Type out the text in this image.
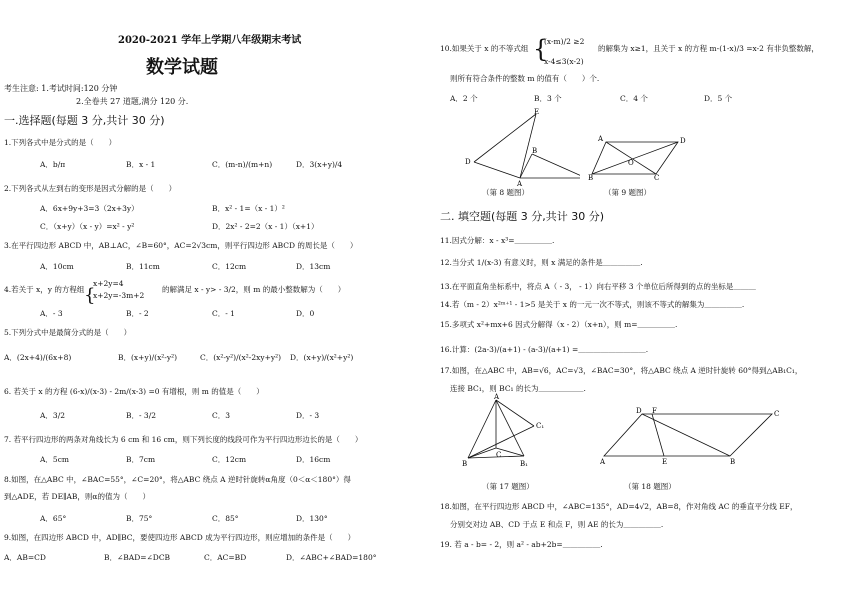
2020-2021 学年上学期八年级期末考试
数学试题
考生注意: 1.考试时间:120 分钟
2.全卷共 27 道题,满分 120 分.
一.选择题(每题 3 分,共计 30 分)
1.下列各式中是分式的是（　　）
A．b/π	B．x - 1	C．(m-n)/(m+n)	D．3(x+y)/4
2.下列各式从左到右的变形是因式分解的是（　　）
A．6x+9y+3=3（2x+3y）	B．x² - 1=（x - 1）²
C．（x+y）（x - y）=x² - y²	D．2x² - 2=2（x - 1）（x+1）
3.在平行四边形 ABCD 中，AB⊥AC，∠B=60°，AC=2√3cm，则平行四边形 ABCD 的周长是（　　）
A．10cm	B．11cm	C．12cm	D．13cm
4.若关于 x，y 的方程组 {
x+2y=4
x+2y=-3m+2
的解满足 x - y> - 3/2，则 m 的最小整数解为（　　）
A．- 3	B．- 2	C．- 1	D．0
5.下列分式中是最简分式的是（　　）
A．(2x+4)/(6x+8)	B．(x+y)/(x²-y²)	C．(x²-y²)/(x²-2xy+y²) D．(x+y)/(x²+y²)
6. 若关于 x 的方程 (6-x)/(x-3) - 2m/(x-3) =0 有增根，则 m 的值是（　　）
A．3/2	B．- 3/2	C．3	D．- 3
7. 若平行四边形的两条对角线长为 6 cm 和 16 cm，则下列长度的线段可作为平行四边形边长的是（　　）
A．5cm	B．7cm	C．12cm	D．16cm
8.如图，在△ABC 中，∠BAC=55°，∠C=20°，将△ABC 绕点 A 逆时针旋转α角度（0＜α＜180°）得
到△ADE，若 DE∥AB，则α的值为（　　）
A．65°	B．75°	C．85°	D．130°
9.如图，在四边形 ABCD 中，AD∥BC，要使四边形 ABCD 成为平行四边形，则应增加的条件是（　　）
A．AB=CD	B．∠BAD=∠DCB	C．AC=BD	D．∠ABC+∠BAD=180°
10.如果关于 x 的不等式组 {
(x-m)/2 ≥2
x-4≤3(x-2)
的解集为 x≥1，且关于 x 的方程 m-(1-x)/3 =x-2 有非负整数解，
则所有符合条件的整数 m 的值有（　　）个.
A．2 个	B．3 个	C．4 个	D．5 个
E
D
B
A
（第 8 题图）
A	D
O
B	C
（第 9 题图）
二. 填空题(每题 3 分,共计 30 分)
11.因式分解：x - x³=＿＿＿＿＿.
12.当分式 1/(x-3) 有意义时，则 x 满足的条件是＿＿＿＿＿.
13.在平面直角坐标系中，将点 A（ - 3， - 1）向右平移 3 个单位后所得到的点的坐标是＿＿＿
14.若（m - 2）x²ᵐ⁺¹ - 1>5 是关于 x 的一元一次不等式，则该不等式的解集为＿＿＿＿＿.
15.多项式 x²+mx+6 因式分解得（x - 2）（x+n），则 m=＿＿＿＿＿.
16.计算：(2a-3)/(a+1) - (a-3)/(a+1) =＿＿＿＿＿＿＿＿＿.
17.如图，在△ABC 中，AB=√6，AC=√3，∠BAC=30°，将△ABC 绕点 A 逆时针旋转 60°得到△AB₁C₁，
连接 BC₁，则 BC₁ 的长为＿＿＿＿＿＿.
A
C₁
C
B	B₁
（第 17 题图）
D F	C
A	E	B
（第 18 题图）
18.如图，在平行四边形 ABCD 中，∠ABC=135°，AD=4√2，AB=8，作对角线 AC 的垂直平分线 EF，
分别交对边 AB、CD 于点 E 和点 F，则 AE 的长为＿＿＿＿＿.
19. 若 a - b= - 2，则 a² - ab+2b=＿＿＿＿＿.
